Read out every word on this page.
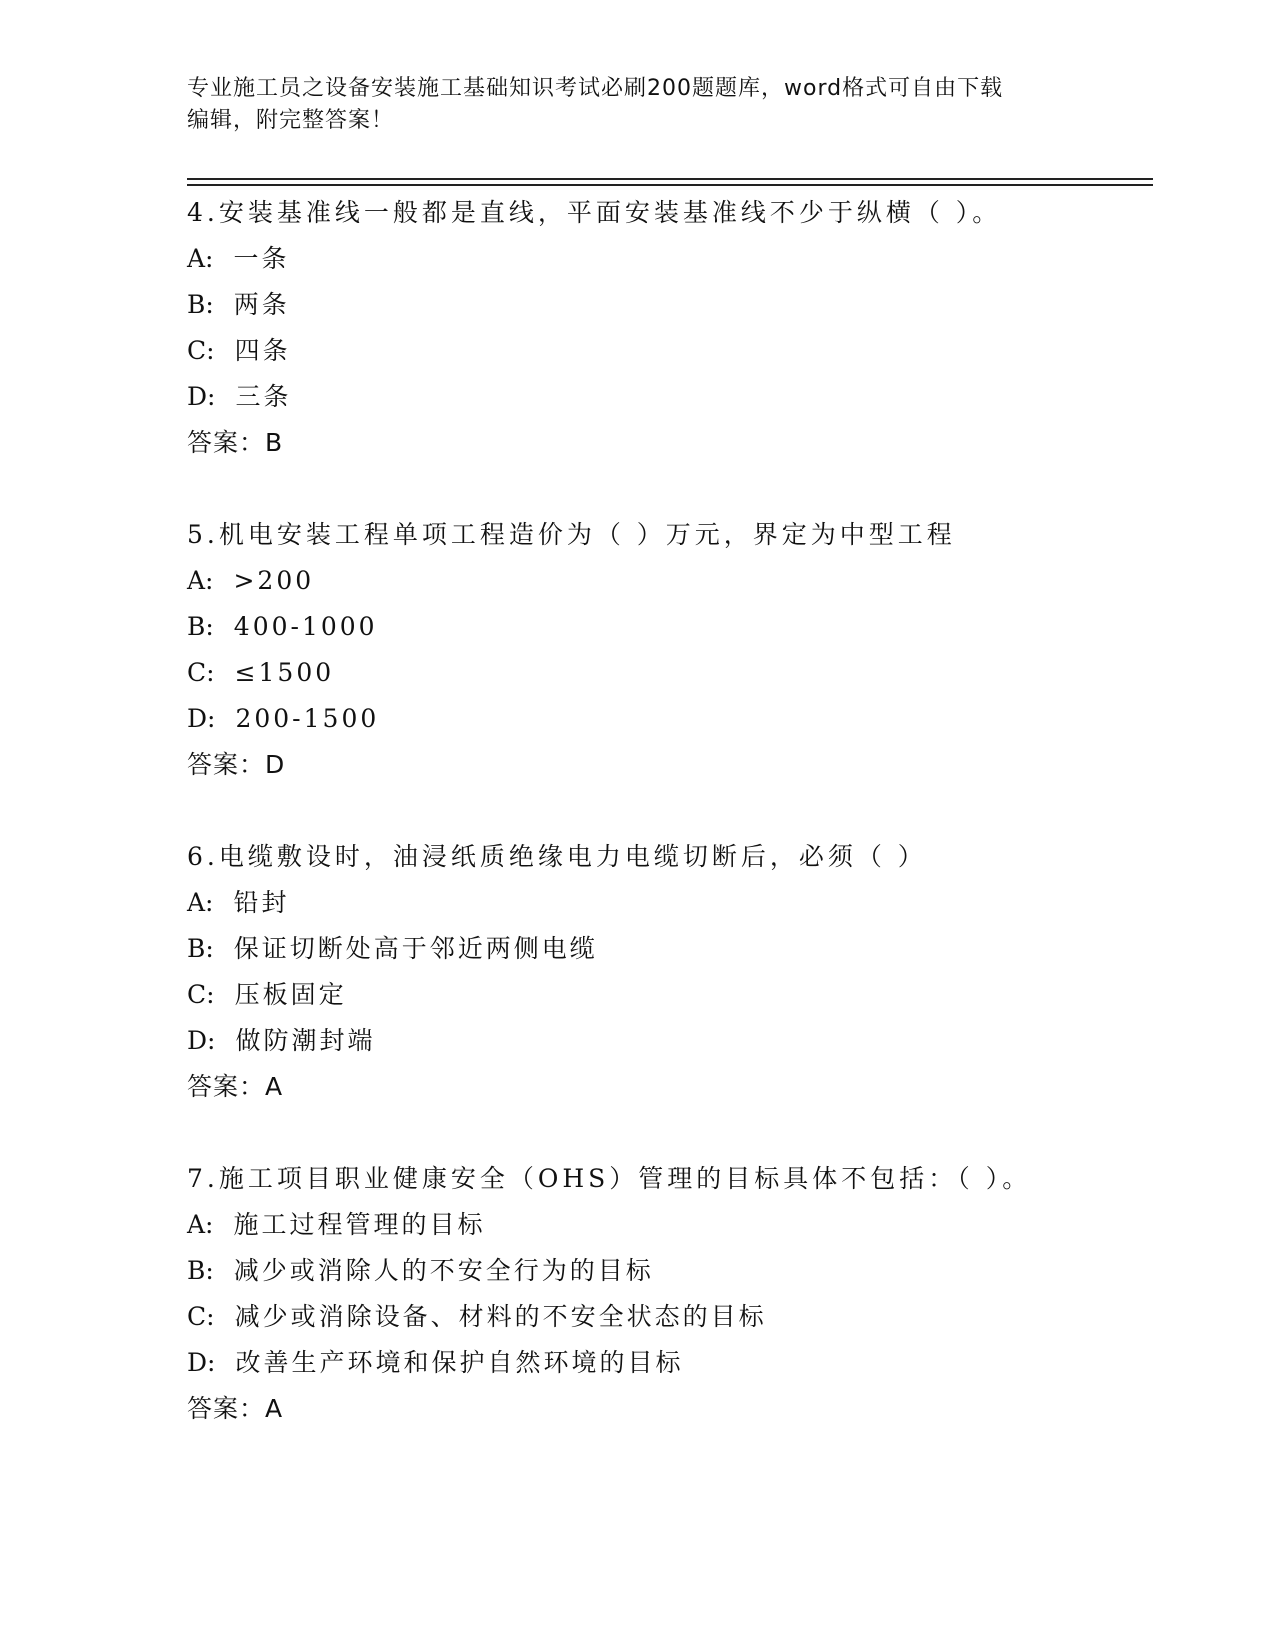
专业施工员之设备安装施工基础知识考试必刷200题题库，word格式可自由下载
编辑，附完整答案！
4.安装基准线一般都是直线，平面安装基准线不少于纵横（ ）。
A: 一条
B: 两条
C: 四条
D: 三条
答案：B
5.机电安装工程单项工程造价为（ ）万元，界定为中型工程
A: >200
B: 400-1000
C: ≤1500
D: 200-1500
答案：D
6.电缆敷设时，油浸纸质绝缘电力电缆切断后，必须（ ）
A: 铅封
B: 保证切断处高于邻近两侧电缆
C: 压板固定
D: 做防潮封端
答案：A
7.施工项目职业健康安全（OHS）管理的目标具体不包括：（ ）。
A: 施工过程管理的目标
B: 减少或消除人的不安全行为的目标
C: 减少或消除设备、材料的不安全状态的目标
D: 改善生产环境和保护自然环境的目标
答案：A
